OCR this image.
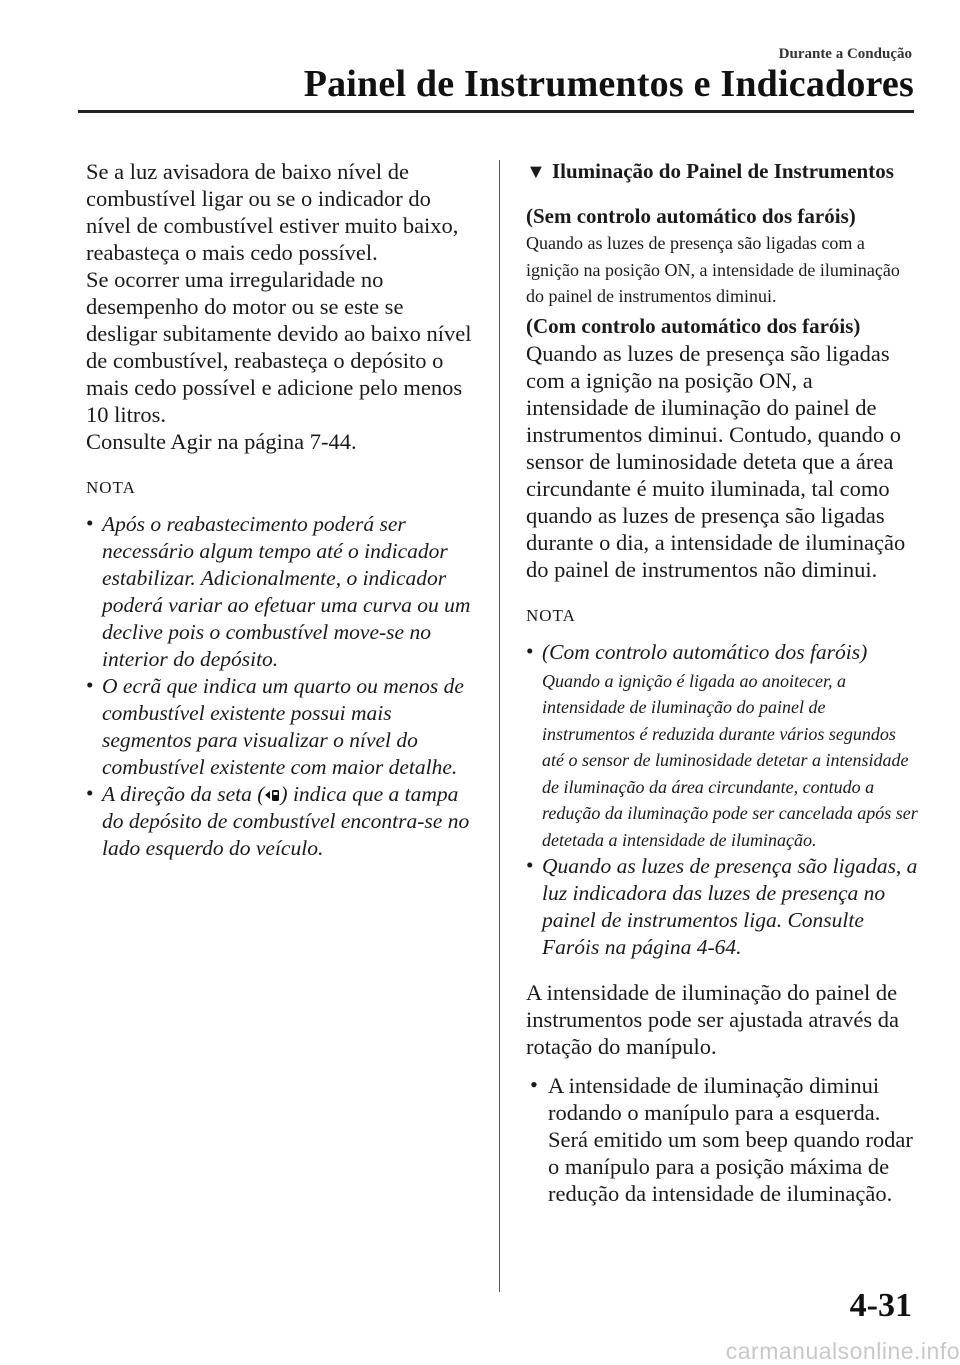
Durante a Condução
Painel de Instrumentos e Indicadores

Se a luz avisadora de baixo nível de combustível ligar ou se o indicador do nível de combustível estiver muito baixo, reabasteça o mais cedo possível.

Se ocorrer uma irregularidade no desempenho do motor ou se este se desligar subitamente devido ao baixo nível de combustível, reabasteça o depósito o mais cedo possível e adicione pelo menos 10 litros.

Consulte Agir na página 7-44.

NOTA
• Após o reabastecimento poderá ser necessário algum tempo até o indicador estabilizar. Adicionalmente, o indicador poderá variar ao efetuar uma curva ou um declive pois o combustível move-se no interior do depósito.
• O ecrã que indica um quarto ou menos de combustível existente possui mais segmentos para visualizar o nível do combustível existente com maior detalhe.
• A direção da seta ( ) indica que a tampa do depósito de combustível encontra-se no lado esquerdo do veículo.
▼ Iluminação do Painel de Instrumentos

(Sem controlo automático dos faróis)

Quando as luzes de presença são ligadas com a ignição na posição ON, a intensidade de iluminação do painel de instrumentos diminui.

(Com controlo automático dos faróis)

Quando as luzes de presença são ligadas com a ignição na posição ON, a intensidade de iluminação do painel de instrumentos diminui. Contudo, quando o sensor de luminosidade deteta que a área circundante é muito iluminada, tal como quando as luzes de presença são ligadas durante o dia, a intensidade de iluminação do painel de instrumentos não diminui.

NOTA
• (Com controlo automático dos faróis)
Quando a ignição é ligada ao anoitecer, a intensidade de iluminação do painel de instrumentos é reduzida durante vários segundos até o sensor de luminosidade detetar a intensidade de iluminação da área circundante, contudo a redução da iluminação pode ser cancelada após ser detetada a intensidade de iluminação.
• Quando as luzes de presença são ligadas, a luz indicadora das luzes de presença no painel de instrumentos liga. Consulte Faróis na página 4-64.

A intensidade de iluminação do painel de instrumentos pode ser ajustada através da rotação do manípulo.

• A intensidade de iluminação diminui rodando o manípulo para a esquerda. Será emitido um som beep quando rodar o manípulo para a posição máxima de redução da intensidade de iluminação.
4-31
carmanualsonline.info
